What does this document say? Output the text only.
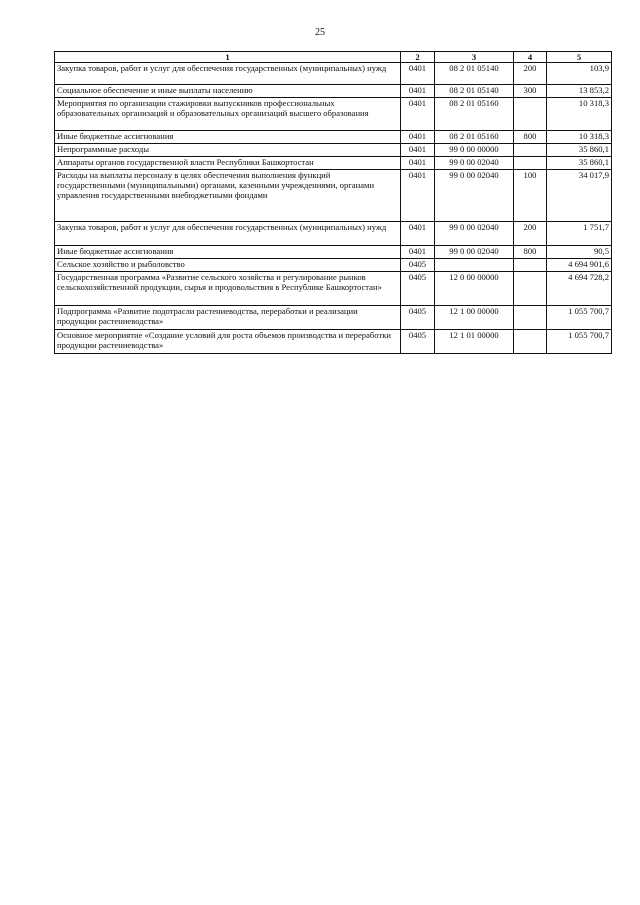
25
1	2	3	4	5
Закупка товаров, работ и услуг для обеспечения государственных (муниципальных) нужд	0401	08 2 01 05140	200	103,9
Социальное обеспечение и иные выплаты населению	0401	08 2 01 05140	300	13 853,2
Мероприятия по организации стажировки выпускников профессиональных образовательных организаций и образовательных организаций высшего образования	0401	08 2 01 05160		10 318,3
Иные бюджетные ассигнования	0401	08 2 01 05160	800	10 318,3
Непрограммные расходы	0401	99 0 00 00000		35 860,1
Аппараты органов государственной власти Республики Башкортостан	0401	99 0 00 02040		35 860,1
Расходы на выплаты персоналу в целях обеспечения выполнения функций государственными (муниципальными) органами, казенными учреждениями, органами управления государственными внебюджетными фондами	0401	99 0 00 02040	100	34 017,9
Закупка товаров, работ и услуг для обеспечения государственных (муниципальных) нужд	0401	99 0 00 02040	200	1 751,7
Иные бюджетные ассигнования	0401	99 0 00 02040	800	90,5
Сельское хозяйство и рыболовство	0405			4 694 901,6
Государственная программа «Развитие сельского хозяйства и регулирование рынков сельскохозяйственной продукции, сырья и продовольствия в Республике Башкортостан»	0405	12 0 00 00000		4 694 728,2
Подпрограмма «Развитие подотрасли растениеводства, переработки и реализации продукции растениеводства»	0405	12 1 00 00000		1 055 700,7
Основное мероприятие «Создание условий для роста объемов производства и переработки продукции растениеводства»	0405	12 1 01 00000		1 055 700,7
